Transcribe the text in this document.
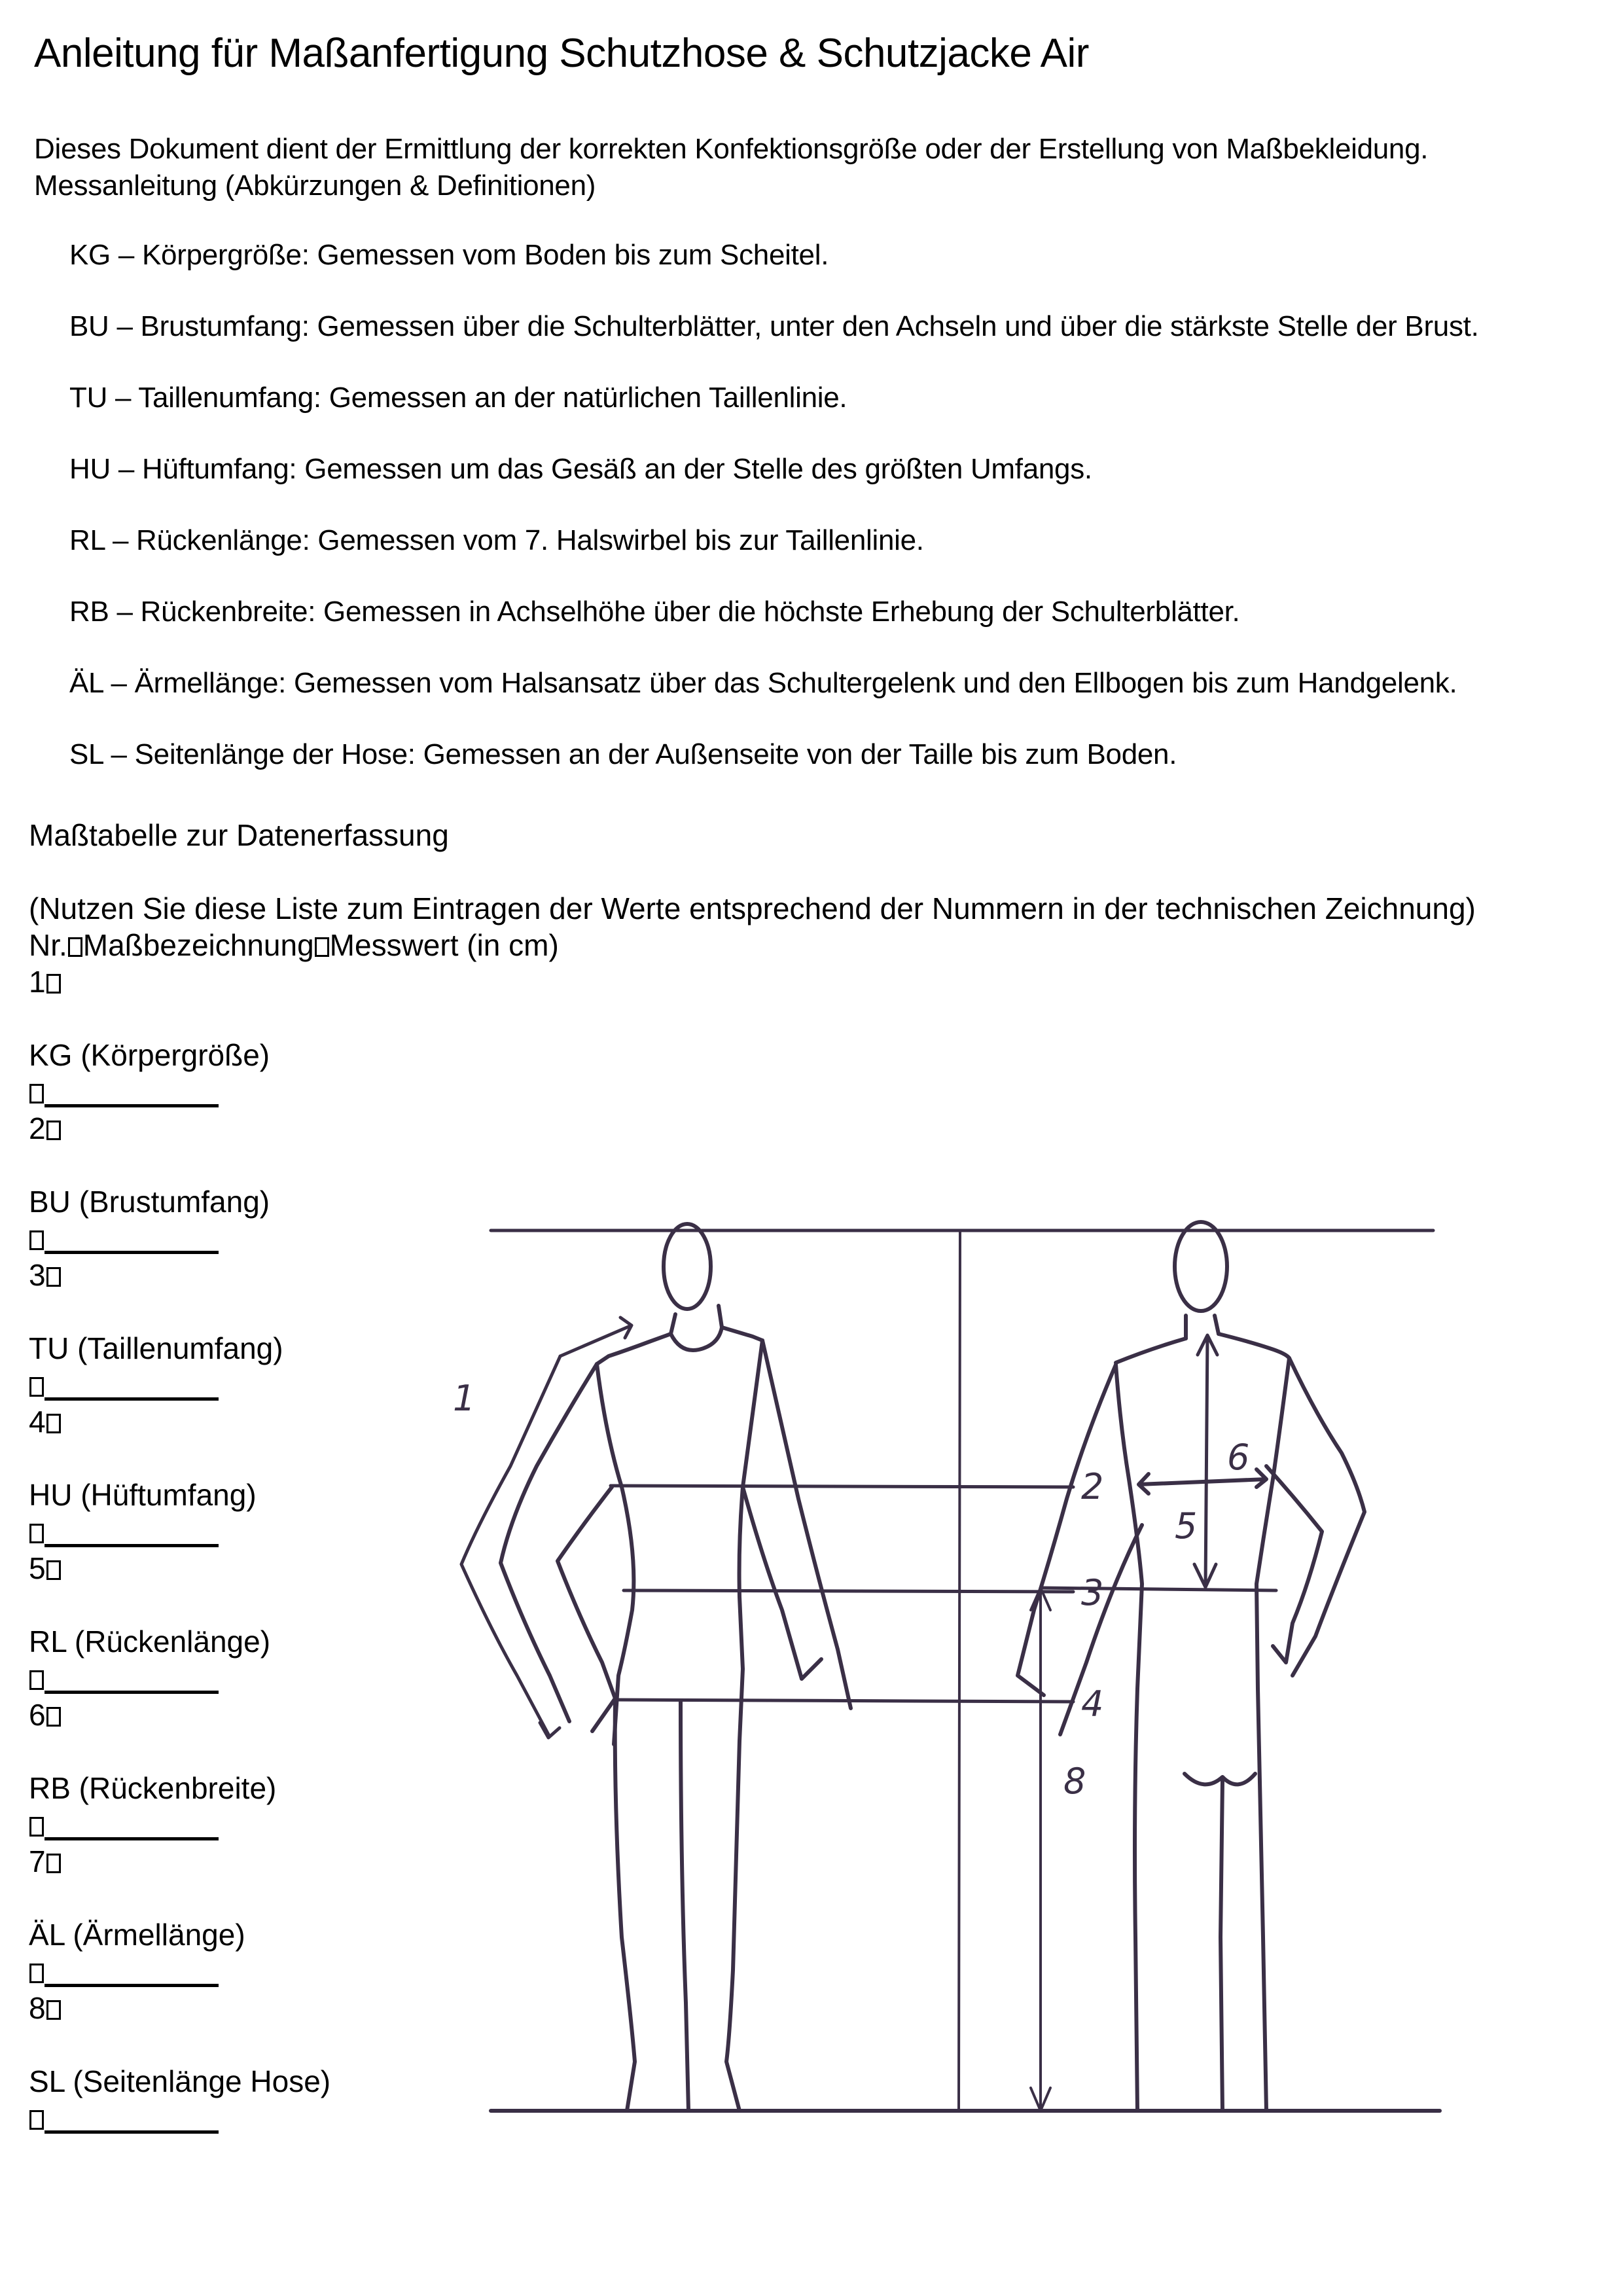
Anleitung für Maßanfertigung Schutzhose & Schutzjacke Air
Dieses Dokument dient der Ermittlung der korrekten Konfektionsgröße oder der Erstellung von Maßbekleidung.
Messanleitung (Abkürzungen & Definitionen)
KG – Körpergröße: Gemessen vom Boden bis zum Scheitel.
BU – Brustumfang: Gemessen über die Schulterblätter, unter den Achseln und über die stärkste Stelle der Brust.
TU – Taillenumfang: Gemessen an der natürlichen Taillenlinie.
HU – Hüftumfang: Gemessen um das Gesäß an der Stelle des größten Umfangs.
RL – Rückenlänge: Gemessen vom 7. Halswirbel bis zur Taillenlinie.
RB – Rückenbreite: Gemessen in Achselhöhe über die höchste Erhebung der Schulterblätter.
ÄL – Ärmellänge: Gemessen vom Halsansatz über das Schultergelenk und den Ellbogen bis zum Handgelenk.
SL – Seitenlänge der Hose: Gemessen an der Außenseite von der Taille bis zum Boden.
Maßtabelle zur Datenerfassung
(Nutzen Sie diese Liste zum Eintragen der Werte entsprechend der Nummern in der technischen Zeichnung)
Nr. Maßbezeichnung Messwert (in cm)
1
KG (Körpergröße)
2
BU (Brustumfang)
3
TU (Taillenumfang)
4
HU (Hüftumfang)
5
RL (Rückenlänge)
6
RB (Rückenbreite)
7
ÄL (Ärmellänge)
8
SL (Seitenlänge Hose)
1
2
3
4
5
6
8
